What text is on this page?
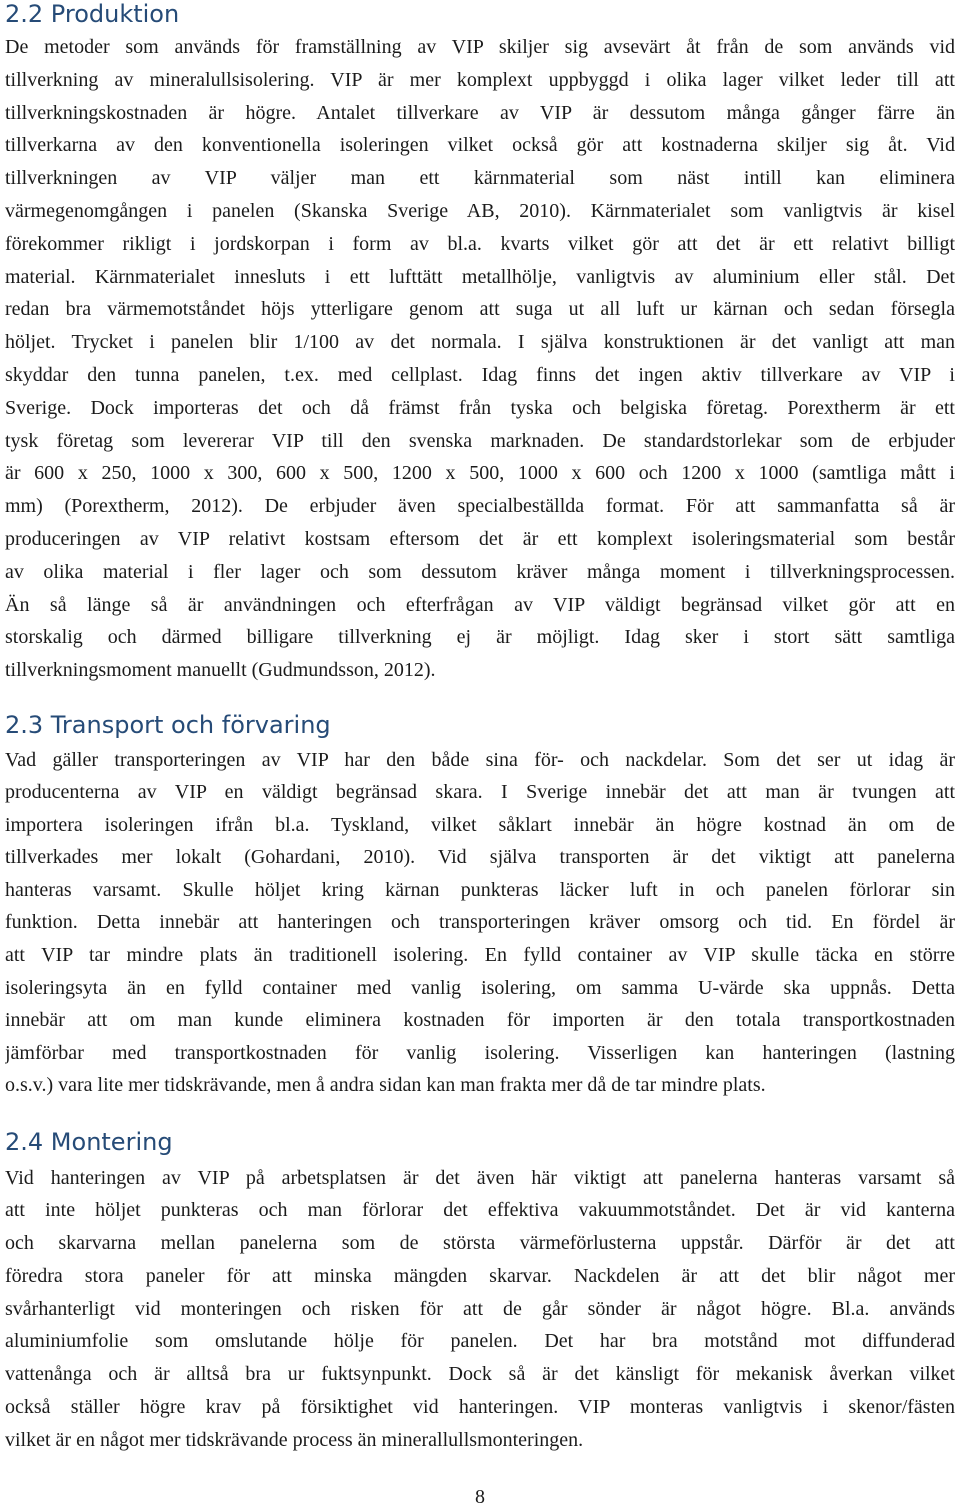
2.2 Produktion
De metoder som används för framställning av VIP skiljer sig avsevärt åt från de som används vid
tillverkning av mineralullsisolering. VIP är mer komplext uppbyggd i olika lager vilket leder till att
tillverkningskostnaden är högre. Antalet tillverkare av VIP är dessutom många gånger färre än
tillverkarna av den konventionella isoleringen vilket också gör att kostnaderna skiljer sig åt. Vid
tillverkningen av VIP väljer man ett kärnmaterial som näst intill kan eliminera
värmegenomgången i panelen (Skanska Sverige AB, 2010). Kärnmaterialet som vanligtvis är kisel
förekommer rikligt i jordskorpan i form av bl.a. kvarts vilket gör att det är ett relativt billigt
material. Kärnmaterialet innesluts i ett lufttätt metallhölje, vanligtvis av aluminium eller stål. Det
redan bra värmemotståndet höjs ytterligare genom att suga ut all luft ur kärnan och sedan försegla
höljet. Trycket i panelen blir 1/100 av det normala. I själva konstruktionen är det vanligt att man
skyddar den tunna panelen, t.ex. med cellplast. Idag finns det ingen aktiv tillverkare av VIP i
Sverige. Dock importeras det och då främst från tyska och belgiska företag. Porextherm är ett
tysk företag som levererar VIP till den svenska marknaden. De standardstorlekar som de erbjuder
är 600 x 250, 1000 x 300, 600 x 500, 1200 x 500, 1000 x 600 och 1200 x 1000 (samtliga mått i
mm) (Porextherm, 2012). De erbjuder även specialbeställda format. För att sammanfatta så är
produceringen av VIP relativt kostsam eftersom det är ett komplext isoleringsmaterial som består
av olika material i fler lager och som dessutom kräver många moment i tillverkningsprocessen.
Än så länge så är användningen och efterfrågan av VIP väldigt begränsad vilket gör att en
storskalig och därmed billigare tillverkning ej är möjligt. Idag sker i stort sätt samtliga
tillverkningsmoment manuellt (Gudmundsson, 2012).
2.3 Transport och förvaring
Vad gäller transporteringen av VIP har den både sina för- och nackdelar. Som det ser ut idag är
producenterna av VIP en väldigt begränsad skara. I Sverige innebär det att man är tvungen att
importera isoleringen ifrån bl.a. Tyskland, vilket såklart innebär än högre kostnad än om de
tillverkades mer lokalt (Gohardani, 2010). Vid själva transporten är det viktigt att panelerna
hanteras varsamt. Skulle höljet kring kärnan punkteras läcker luft in och panelen förlorar sin
funktion. Detta innebär att hanteringen och transporteringen kräver omsorg och tid. En fördel är
att VIP tar mindre plats än traditionell isolering. En fylld container av VIP skulle täcka en större
isoleringsyta än en fylld container med vanlig isolering, om samma U-värde ska uppnås. Detta
innebär att om man kunde eliminera kostnaden för importen är den totala transportkostnaden
jämförbar med transportkostnaden för vanlig isolering. Visserligen kan hanteringen (lastning
o.s.v.) vara lite mer tidskrävande, men å andra sidan kan man frakta mer då de tar mindre plats.
2.4 Montering
Vid hanteringen av VIP på arbetsplatsen är det även här viktigt att panelerna hanteras varsamt så
att inte höljet punkteras och man förlorar det effektiva vakuummotståndet. Det är vid kanterna
och skarvarna mellan panelerna som de största värmeförlusterna uppstår. Därför är det att
föredra stora paneler för att minska mängden skarvar. Nackdelen är att det blir något mer
svårhanterligt vid monteringen och risken för att de går sönder är något högre. Bl.a. används
aluminiumfolie som omslutande hölje för panelen. Det har bra motstånd mot diffunderad
vattenånga och är alltså bra ur fuktsynpunkt. Dock så är det känsligt för mekanisk åverkan vilket
också ställer högre krav på försiktighet vid hanteringen. VIP monteras vanligtvis i skenor/fästen
vilket är en något mer tidskrävande process än minerallullsmonteringen.
8
